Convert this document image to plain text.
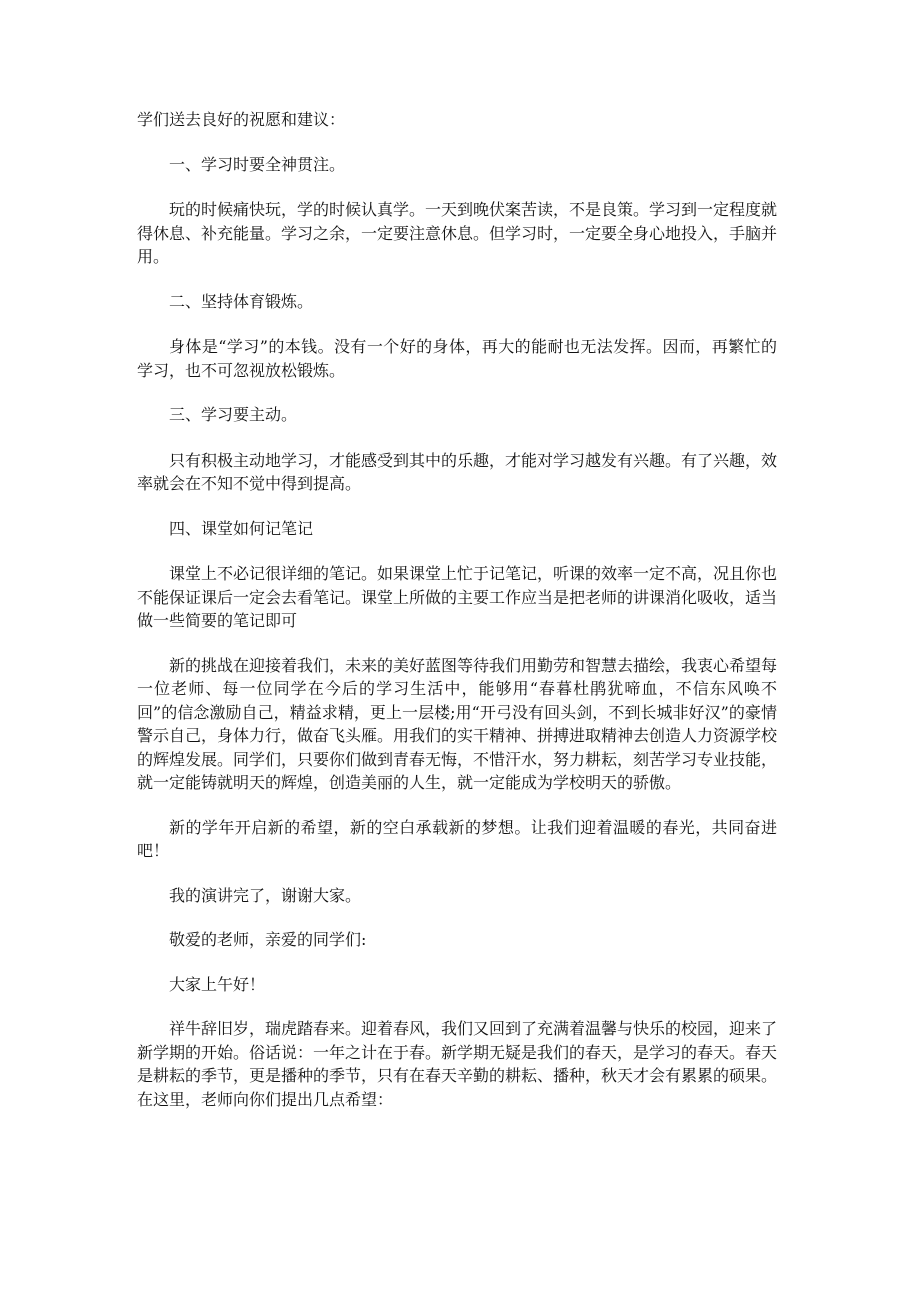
学们送去良好的祝愿和建议：

一、学习时要全神贯注。

玩的时候痛快玩，学的时候认真学。一天到晚伏案苦读，不是良策。学习到一定程度就得休息、补充能量。学习之余，一定要注意休息。但学习时，一定要全身心地投入，手脑并用。

二、坚持体育锻炼。

身体是“学习”的本钱。没有一个好的身体，再大的能耐也无法发挥。因而，再繁忙的学习，也不可忽视放松锻炼。

三、学习要主动。

只有积极主动地学习，才能感受到其中的乐趣，才能对学习越发有兴趣。有了兴趣，效率就会在不知不觉中得到提高。

四、课堂如何记笔记

课堂上不必记很详细的笔记。如果课堂上忙于记笔记，听课的效率一定不高，况且你也不能保证课后一定会去看笔记。课堂上所做的主要工作应当是把老师的讲课消化吸收，适当做一些简要的笔记即可

新的挑战在迎接着我们，未来的美好蓝图等待我们用勤劳和智慧去描绘，我衷心希望每一位老师、每一位同学在今后的学习生活中，能够用“春暮杜鹃犹啼血，不信东风唤不回”的信念激励自己，精益求精，更上一层楼;用“开弓没有回头剑，不到长城非好汉”的豪情警示自己，身体力行，做奋飞头雁。用我们的实干精神、拼搏进取精神去创造人力资源学校的辉煌发展。同学们，只要你们做到青春无悔，不惜汗水，努力耕耘，刻苦学习专业技能，就一定能铸就明天的辉煌，创造美丽的人生，就一定能成为学校明天的骄傲。

新的学年开启新的希望，新的空白承载新的梦想。让我们迎着温暖的春光，共同奋进吧！

我的演讲完了，谢谢大家。

敬爱的老师，亲爱的同学们:

大家上午好！

祥牛辞旧岁，瑞虎踏春来。迎着春风，我们又回到了充满着温馨与快乐的校园，迎来了新学期的开始。俗话说：一年之计在于春。新学期无疑是我们的春天，是学习的春天。春天是耕耘的季节，更是播种的季节，只有在春天辛勤的耕耘、播种，秋天才会有累累的硕果。在这里，老师向你们提出几点希望：
